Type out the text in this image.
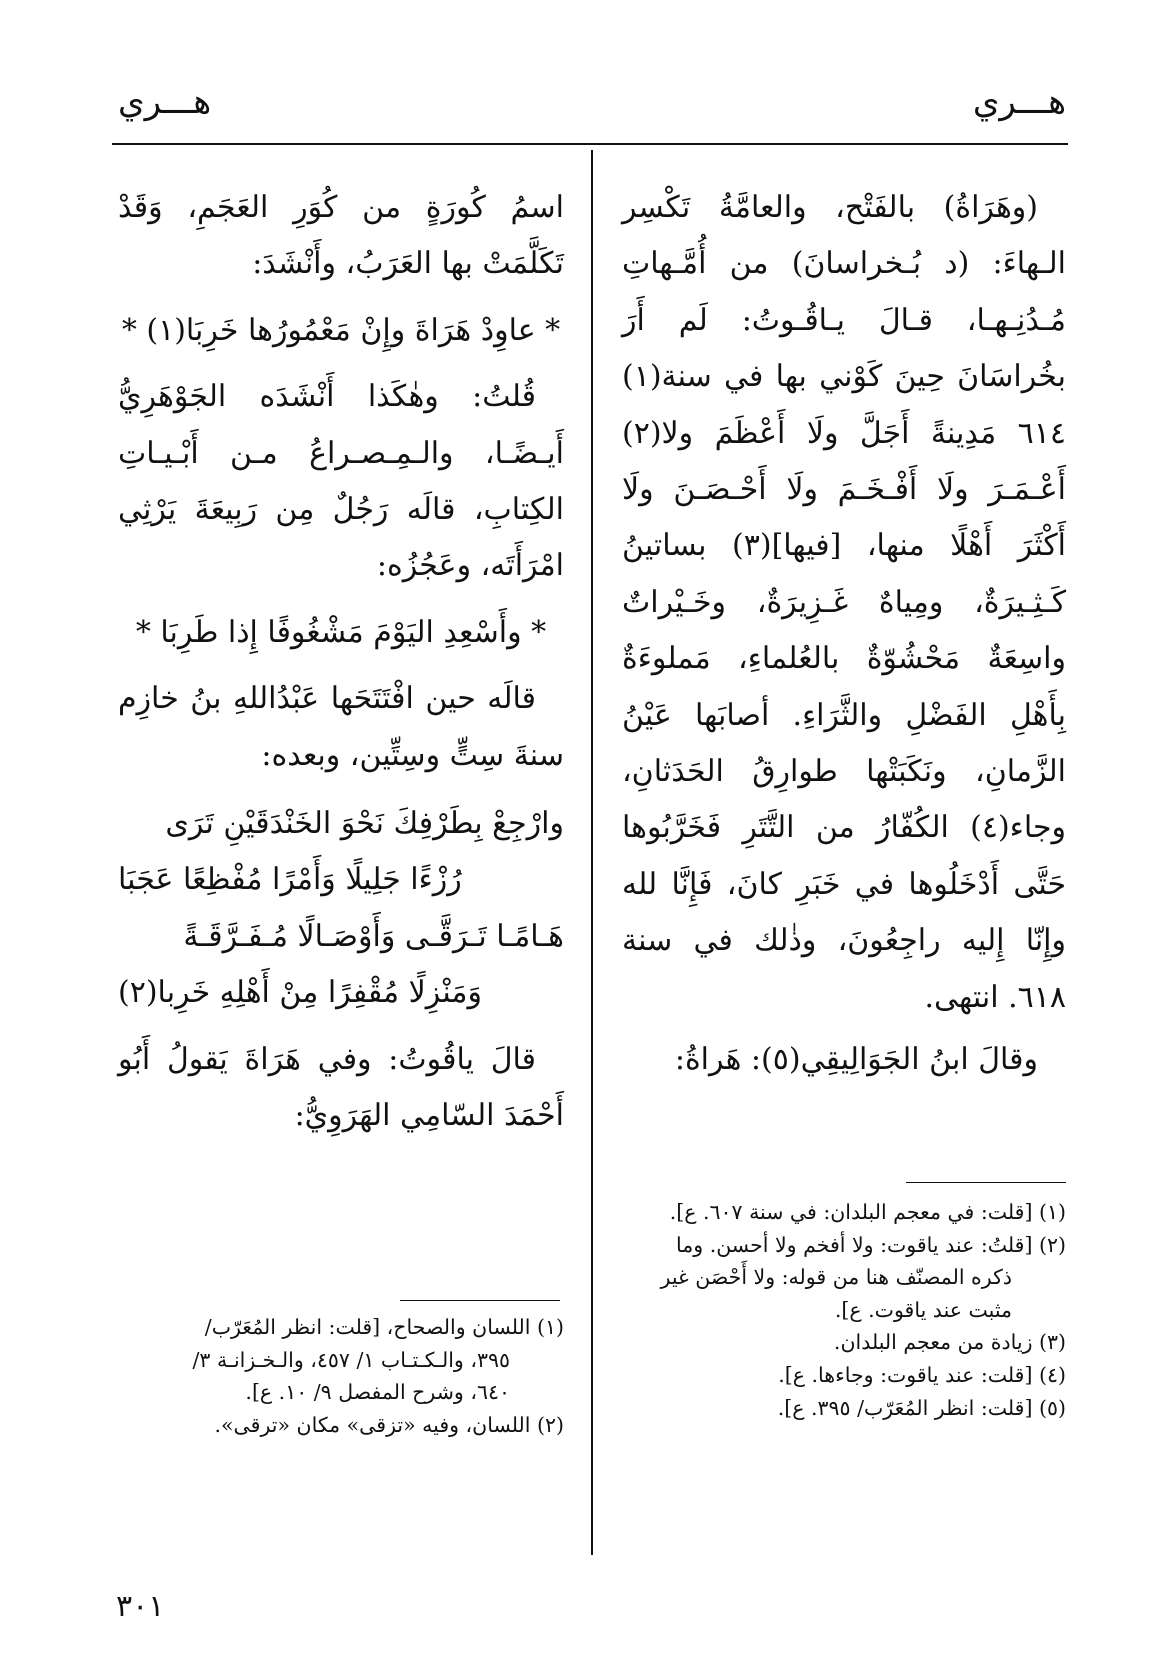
هـــري
هـــري

(وهَرَاةُ) بالفَتْح، والعامَّةُ تَكْسِر الـهاءَ: (د بُـخراسانَ) من أُمَّـهاتِ مُـدُنِـهـا، قـالَ يـاقُـوتُ: لَم أَرَ بخُراسَانَ حِينَ كَوْني بها في سنة(١) ٦١٤ مَدِينةً أَجَلَّ ولَا أَعْظَمَ ولا(٢) أَعْـمَـرَ ولَا أَفْـخَـمَ ولَا أَحْـصَـنَ ولَا أَكْثَرَ أَهْلًا منها، [فيها](٣) بساتينُ كَـثِـيرَةٌ، ومِياهٌ غَـزِيرَةٌ، وخَـيْراتٌ واسِعَةٌ مَحْشُوّةٌ بالعُلماءِ، مَملوءَةٌ بِأَهْلِ الفَضْلِ والثَّرَاءِ. أصابَها عَيْنُ الزَّمانِ، ونَكَبَتْها طوارِقُ الحَدَثانِ، وجاء(٤) الكُفّارُ من التَّتَرِ فَخَرَّبُوها حَتَّى أَدْخَلُوها في خَبَرِ كانَ، فَإِنَّا لله وإِنّا إِليه راجِعُونَ، وذٰلك في سنة ٦١٨. انتهى.

وقالَ ابنُ الجَوَالِيقِي(٥): هَراةُ:

(١) [قلت: في معجم البلدان: في سنة ٦٠٧. ع].

(٢) [قلتُ: عند ياقوت: ولا أفخم ولا أحسن. وما

ذكره المصنّف هنا من قوله: ولا أَحْصَن غير

مثبت عند ياقوت. ع].

(٣) زيادة من معجم البلدان.

(٤) [قلت: عند ياقوت: وجاءها. ع].

(٥) [قلت: انظر المُعَرّب/ ٣٩٥. ع].

اسمُ كُورَةٍ من كُوَرِ العَجَمِ، وَقَدْ تَكَلَّمَتْ بها العَرَبُ، وأَنْشَدَ:

* عاوِدْ هَرَاةَ وإِنْ مَعْمُورُها خَرِبَا(١) *

قُلتُ: وهٰكَذا أَنْشَدَه الجَوْهَرِيُّ أَيـضًـا، والـمِـصـراعُ مـن أَبْـيـاتِ الكِتابِ، قالَه رَجُلٌ مِن رَبِيعَةَ يَرْثِي امْرَأَتَه، وعَجُزُه:

* وأَسْعِدِ اليَوْمَ مَشْغُوفًا إِذا طَرِبَا *

قالَه حين افْتَتَحَها عَبْدُاللهِ بنُ خازِم سنةَ سِتٍّ وسِتِّين، وبعده:

وارْجِعْ بِطَرْفِكَ نَحْوَ الخَنْدَقَيْنِ تَرَى

رُزْءًا جَلِيلًا وَأَمْرًا مُفْظِعًا عَجَبَا

هَـامًـا تَـرَقَّـى وَأَوْصَـالًا مُـفَـرَّقَـةً

وَمَنْزِلًا مُقْفِرًا مِنْ أَهْلِهِ خَرِبا(٢)

قالَ ياقُوتُ: وفي هَرَاةَ يَقولُ أَبُو أَحْمَدَ السّامِي الهَرَوِيُّ:

(١) اللسان والصحاح، [قلت: انظر المُعَرّب/

٣٩٥، والـكـتـاب ١/ ٤٥٧، والـخـزانـة ٣/

٦٤٠، وشرح المفصل ٩/ ١٠. ع].

(٢) اللسان، وفيه «تزقى» مكان «ترقى».

٣٠١
